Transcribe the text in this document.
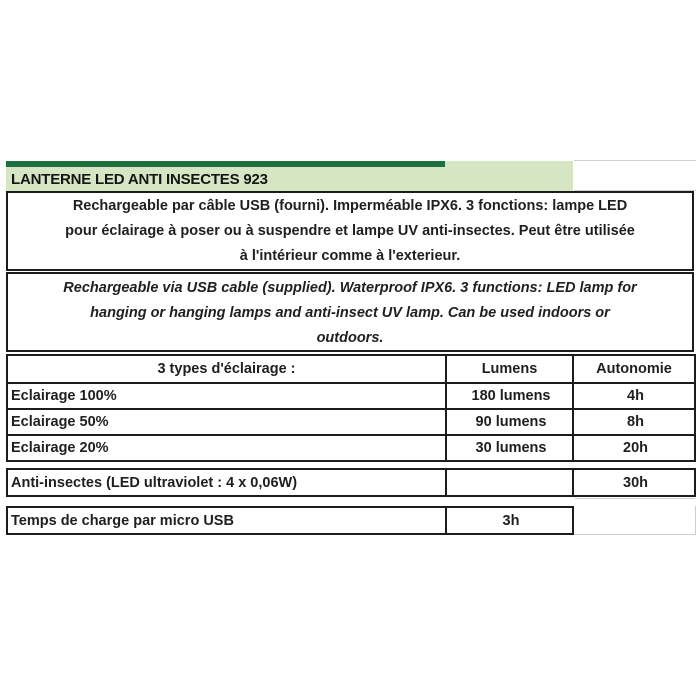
LANTERNE LED ANTI INSECTES 923
Rechargeable par câble USB (fourni). Imperméable IPX6. 3 fonctions: lampe LED
pour éclairage à poser ou à suspendre et lampe UV anti-insectes. Peut être utilisée
à l'intérieur comme à l'exterieur.
Rechargeable via USB cable (supplied). Waterproof IPX6. 3 functions: LED lamp for
hanging or hanging lamps and anti-insect UV lamp. Can be used indoors or
outdoors.
3 types d'éclairage :	Lumens	Autonomie
Eclairage 100%	180 lumens	4h
Eclairage 50%	90 lumens	8h
Eclairage 20%	30 lumens	20h
Anti-insectes (LED ultraviolet : 4 x 0,06W)		30h
Temps de charge par micro USB	3h
